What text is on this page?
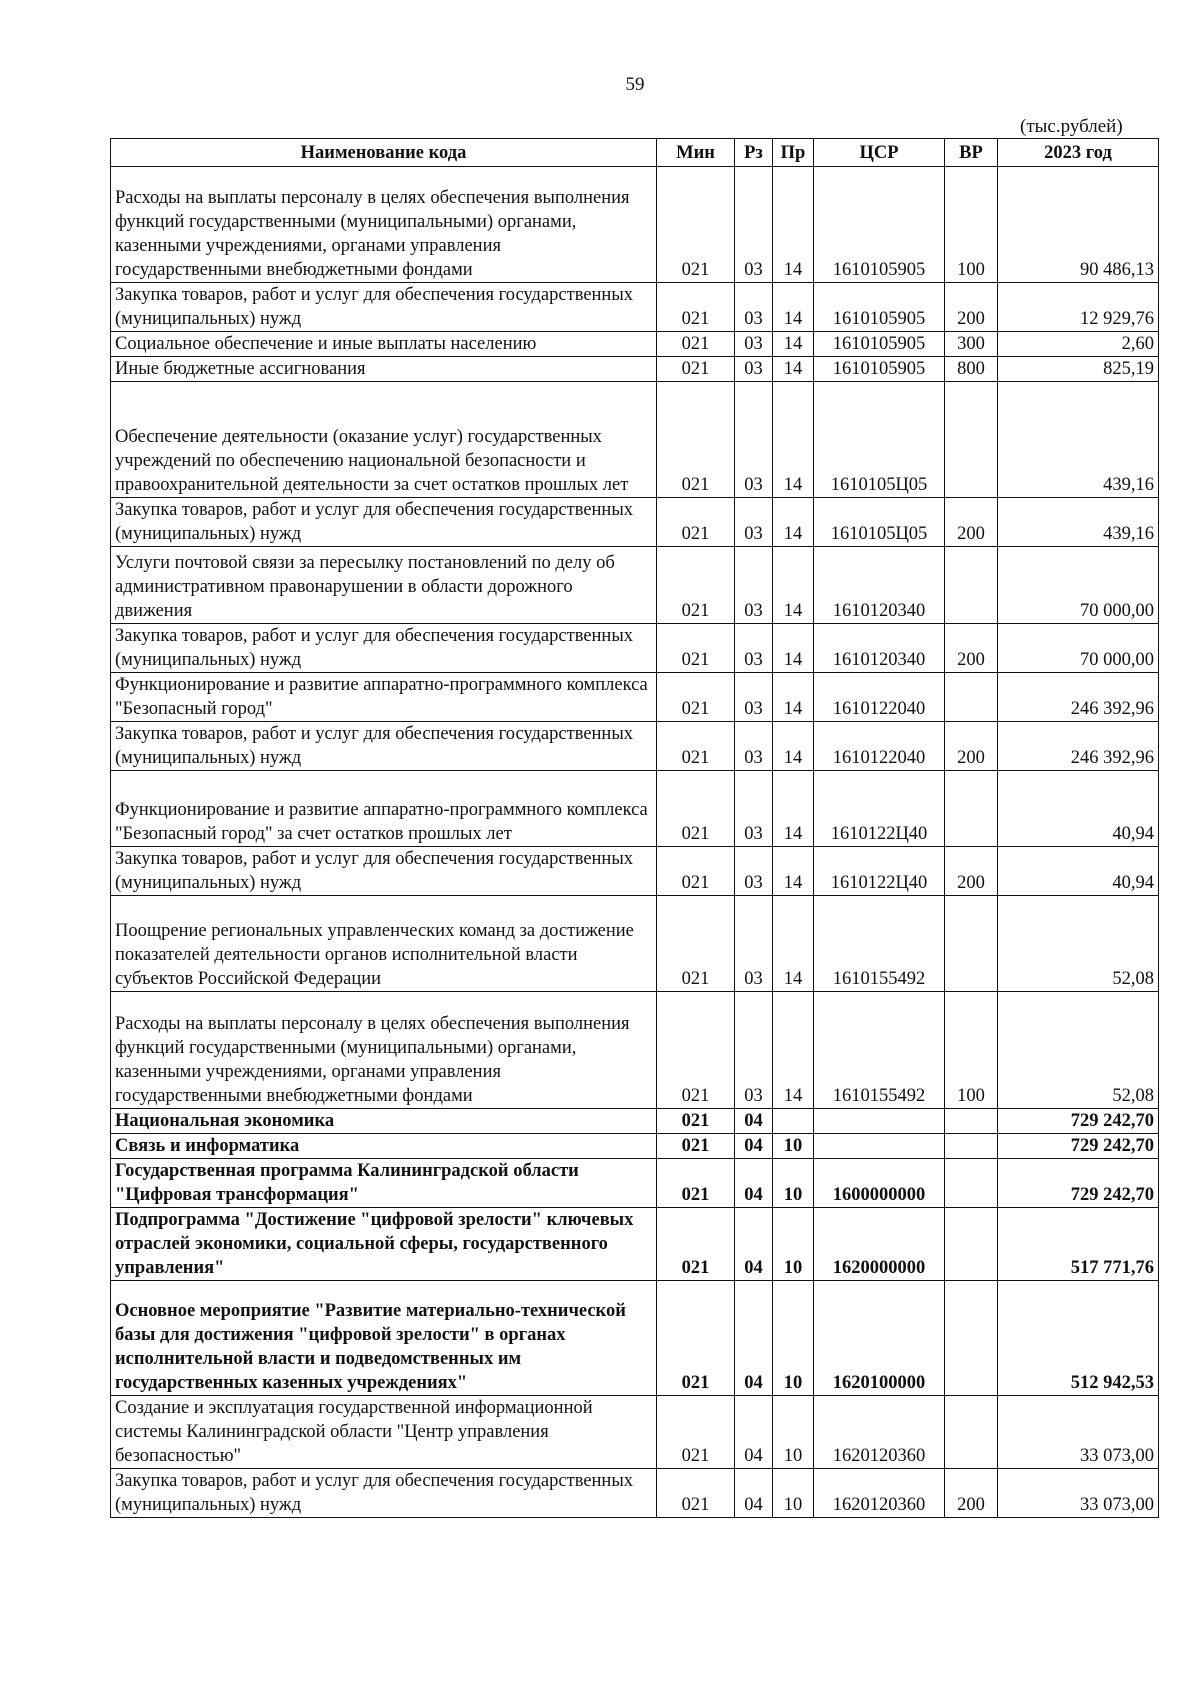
59
(тыс.рублей)
Наименование кода	Мин	Рз	Пр	ЦСР	ВР	2023 год
Расходы на выплаты персоналу в целях обеспечения выполнения функций государственными (муниципальными) органами, казенными учреждениями, органами управления государственными внебюджетными фондами	021	03	14	1610105905	100	90 486,13
Закупка товаров, работ и услуг для обеспечения государственных (муниципальных) нужд	021	03	14	1610105905	200	12 929,76
Социальное обеспечение и иные выплаты населению	021	03	14	1610105905	300	2,60
Иные бюджетные ассигнования	021	03	14	1610105905	800	825,19
Обеспечение деятельности (оказание услуг) государственных учреждений по обеспечению национальной безопасности и правоохранительной деятельности за счет остатков прошлых лет	021	03	14	1610105Ц05		439,16
Закупка товаров, работ и услуг для обеспечения государственных (муниципальных) нужд	021	03	14	1610105Ц05	200	439,16
Услуги почтовой связи за пересылку постановлений по делу об административном правонарушении в области дорожного движения	021	03	14	1610120340		70 000,00
Закупка товаров, работ и услуг для обеспечения государственных (муниципальных) нужд	021	03	14	1610120340	200	70 000,00
Функционирование и развитие аппаратно-программного комплекса "Безопасный город"	021	03	14	1610122040		246 392,96
Закупка товаров, работ и услуг для обеспечения государственных (муниципальных) нужд	021	03	14	1610122040	200	246 392,96
Функционирование и развитие аппаратно-программного комплекса "Безопасный город" за счет остатков прошлых лет	021	03	14	1610122Ц40		40,94
Закупка товаров, работ и услуг для обеспечения государственных (муниципальных) нужд	021	03	14	1610122Ц40	200	40,94
Поощрение региональных управленческих команд за достижение показателей деятельности органов исполнительной власти субъектов Российской Федерации	021	03	14	1610155492		52,08
Расходы на выплаты персоналу в целях обеспечения выполнения функций государственными (муниципальными) органами, казенными учреждениями, органами управления государственными внебюджетными фондами	021	03	14	1610155492	100	52,08
Национальная экономика	021	04				729 242,70
Связь и информатика	021	04	10			729 242,70
Государственная программа Калининградской области "Цифровая трансформация"	021	04	10	1600000000		729 242,70
Подпрограмма "Достижение "цифровой зрелости" ключевых отраслей экономики, социальной сферы, государственного управления"	021	04	10	1620000000		517 771,76
Основное мероприятие "Развитие материально-технической базы для достижения "цифровой зрелости" в органах исполнительной власти и подведомственных им государственных казенных учреждениях"	021	04	10	1620100000		512 942,53
Создание и эксплуатация государственной информационной системы Калининградской области "Центр управления безопасностью"	021	04	10	1620120360		33 073,00
Закупка товаров, работ и услуг для обеспечения государственных (муниципальных) нужд	021	04	10	1620120360	200	33 073,00
